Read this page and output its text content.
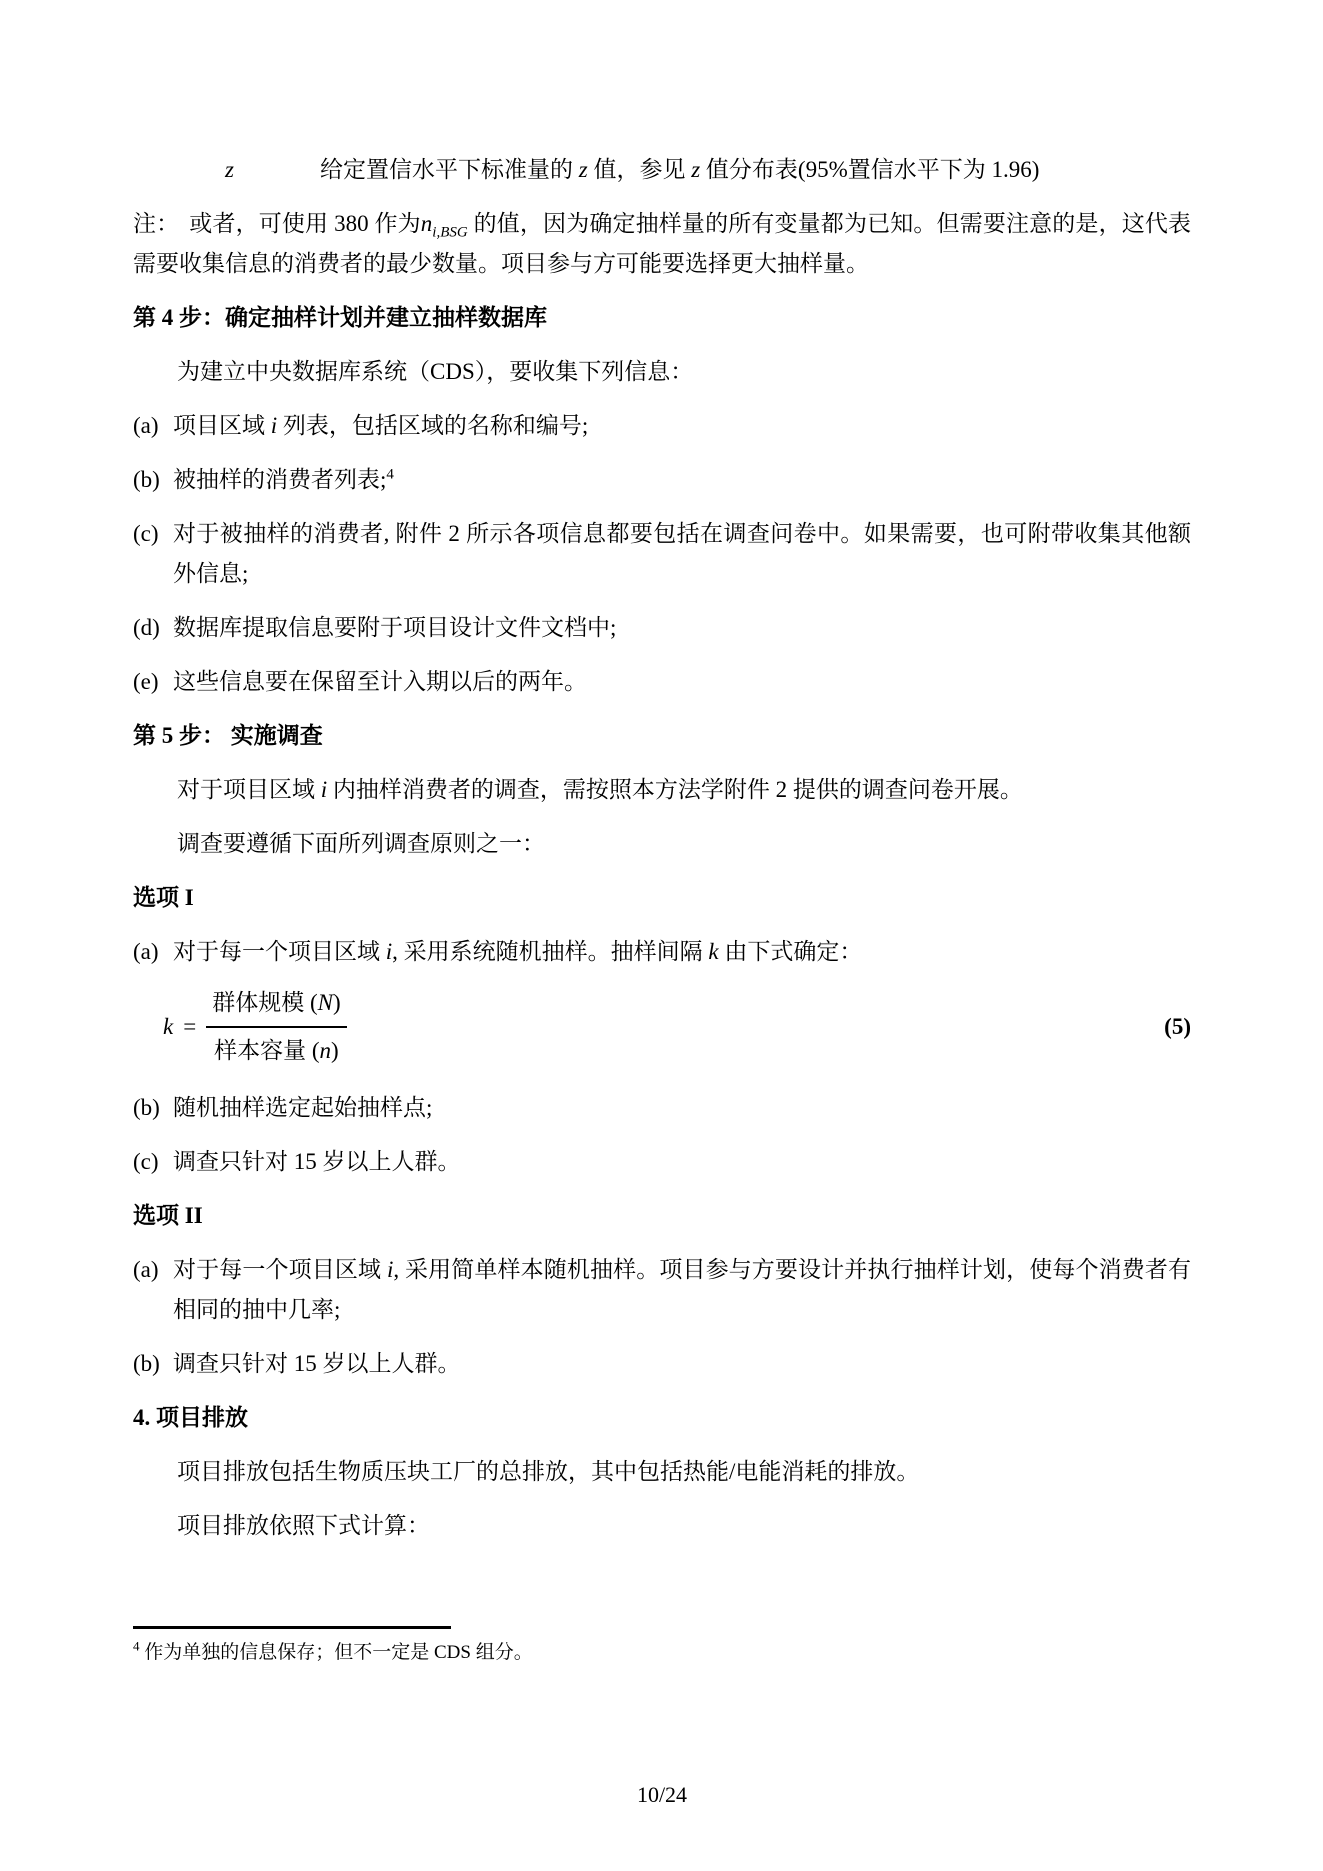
z	给定置信水平下标准量的 z 值，参见 z 值分布表(95%置信水平下为 1.96)

注： 或者，可使用 380 作为$n_{i,BSG}$ 的值，因为确定抽样量的所有变量都为已知。但需要注意的是，这代表需要收集信息的消费者的最少数量。项目参与方可能要选择更大抽样量。

第 4 步：确定抽样计划并建立抽样数据库

为建立中央数据库系统（CDS），要收集下列信息：

(a) 项目区域 i 列表，包括区域的名称和编号;

(b) 被抽样的消费者列表;$^4$

(c) 对于被抽样的消费者, 附件 2 所示各项信息都要包括在调查问卷中。如果需要，也可附带收集其他额外信息;

(d) 数据库提取信息要附于项目设计文件文档中;

(e) 这些信息要在保留至计入期以后的两年。

第 5 步： 实施调查

对于项目区域 i 内抽样消费者的调查，需按照本方法学附件 2 提供的调查问卷开展。

调查要遵循下面所列调查原则之一：

选项 I

(a) 对于每一个项目区域 i, 采用系统随机抽样。抽样间隔 k 由下式确定：

$k = \frac{\text{群体规模 (N)}}{\text{样本容量 (n)}}$	(5)

(b) 随机抽样选定起始抽样点;

(c) 调查只针对 15 岁以上人群。

选项 II

(a) 对于每一个项目区域 i, 采用简单样本随机抽样。项目参与方要设计并执行抽样计划，使每个消费者有相同的抽中几率;

(b) 调查只针对 15 岁以上人群。

4. 项目排放

项目排放包括生物质压块工厂的总排放，其中包括热能/电能消耗的排放。

项目排放依照下式计算：

$^4$ 作为单独的信息保存；但不一定是 CDS 组分。
10/24
